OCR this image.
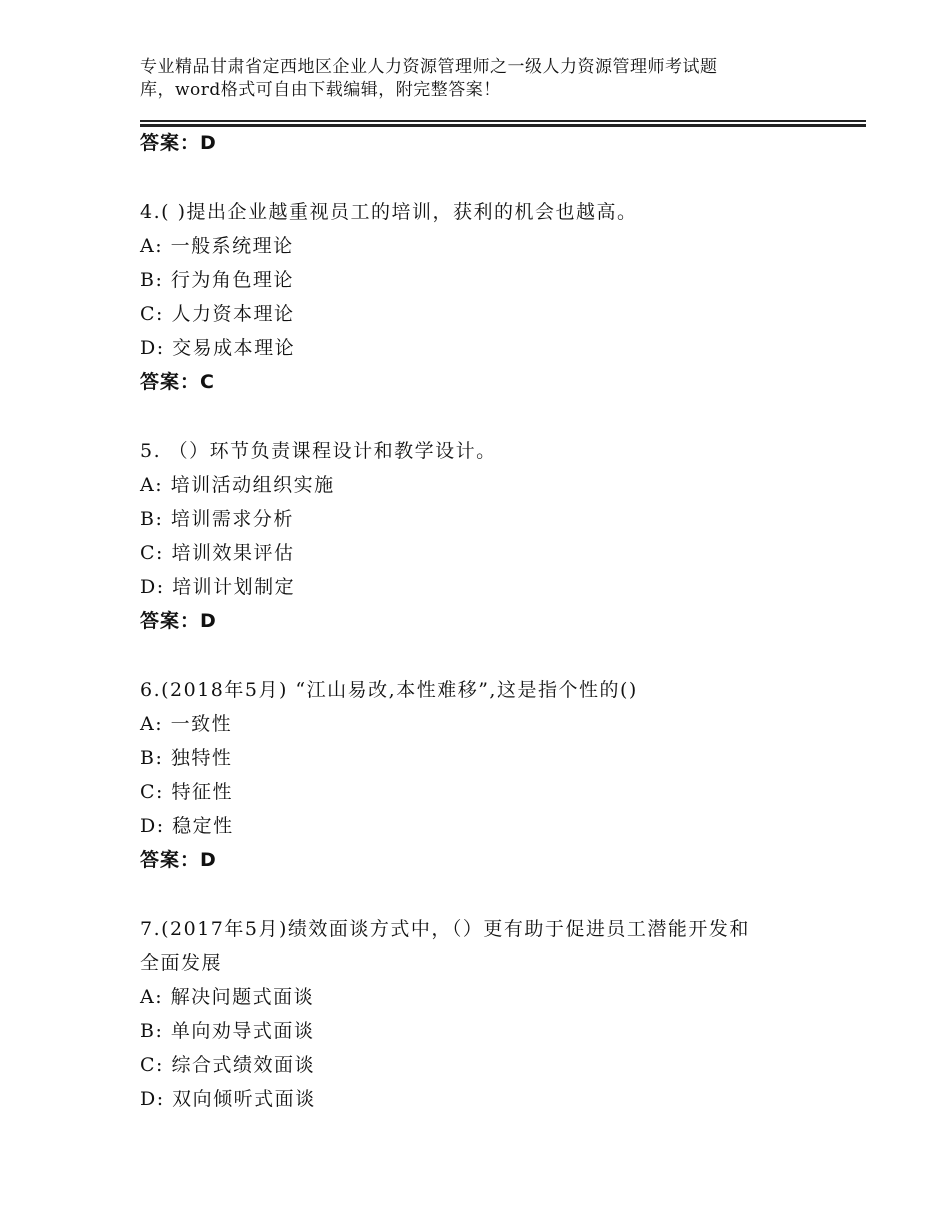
专业精品甘肃省定西地区企业人力资源管理师之一级人力资源管理师考试题
库，word格式可自由下载编辑，附完整答案！
答案：D
4.( )提出企业越重视员工的培训，获利的机会也越高。
A: 一般系统理论
B: 行为角色理论
C: 人力资本理论
D: 交易成本理论
答案：C
5. （）环节负责课程设计和教学设计。
A: 培训活动组织实施
B: 培训需求分析
C: 培训效果评估
D: 培训计划制定
答案：D
6.(2018年5月) “江山易改,本性难移”,这是指个性的()
A: 一致性
B: 独特性
C: 特征性
D: 稳定性
答案：D
7.(2017年5月)绩效面谈方式中，（）更有助于促进员工潜能开发和
全面发展
A: 解决问题式面谈
B: 单向劝导式面谈
C: 综合式绩效面谈
D: 双向倾听式面谈
